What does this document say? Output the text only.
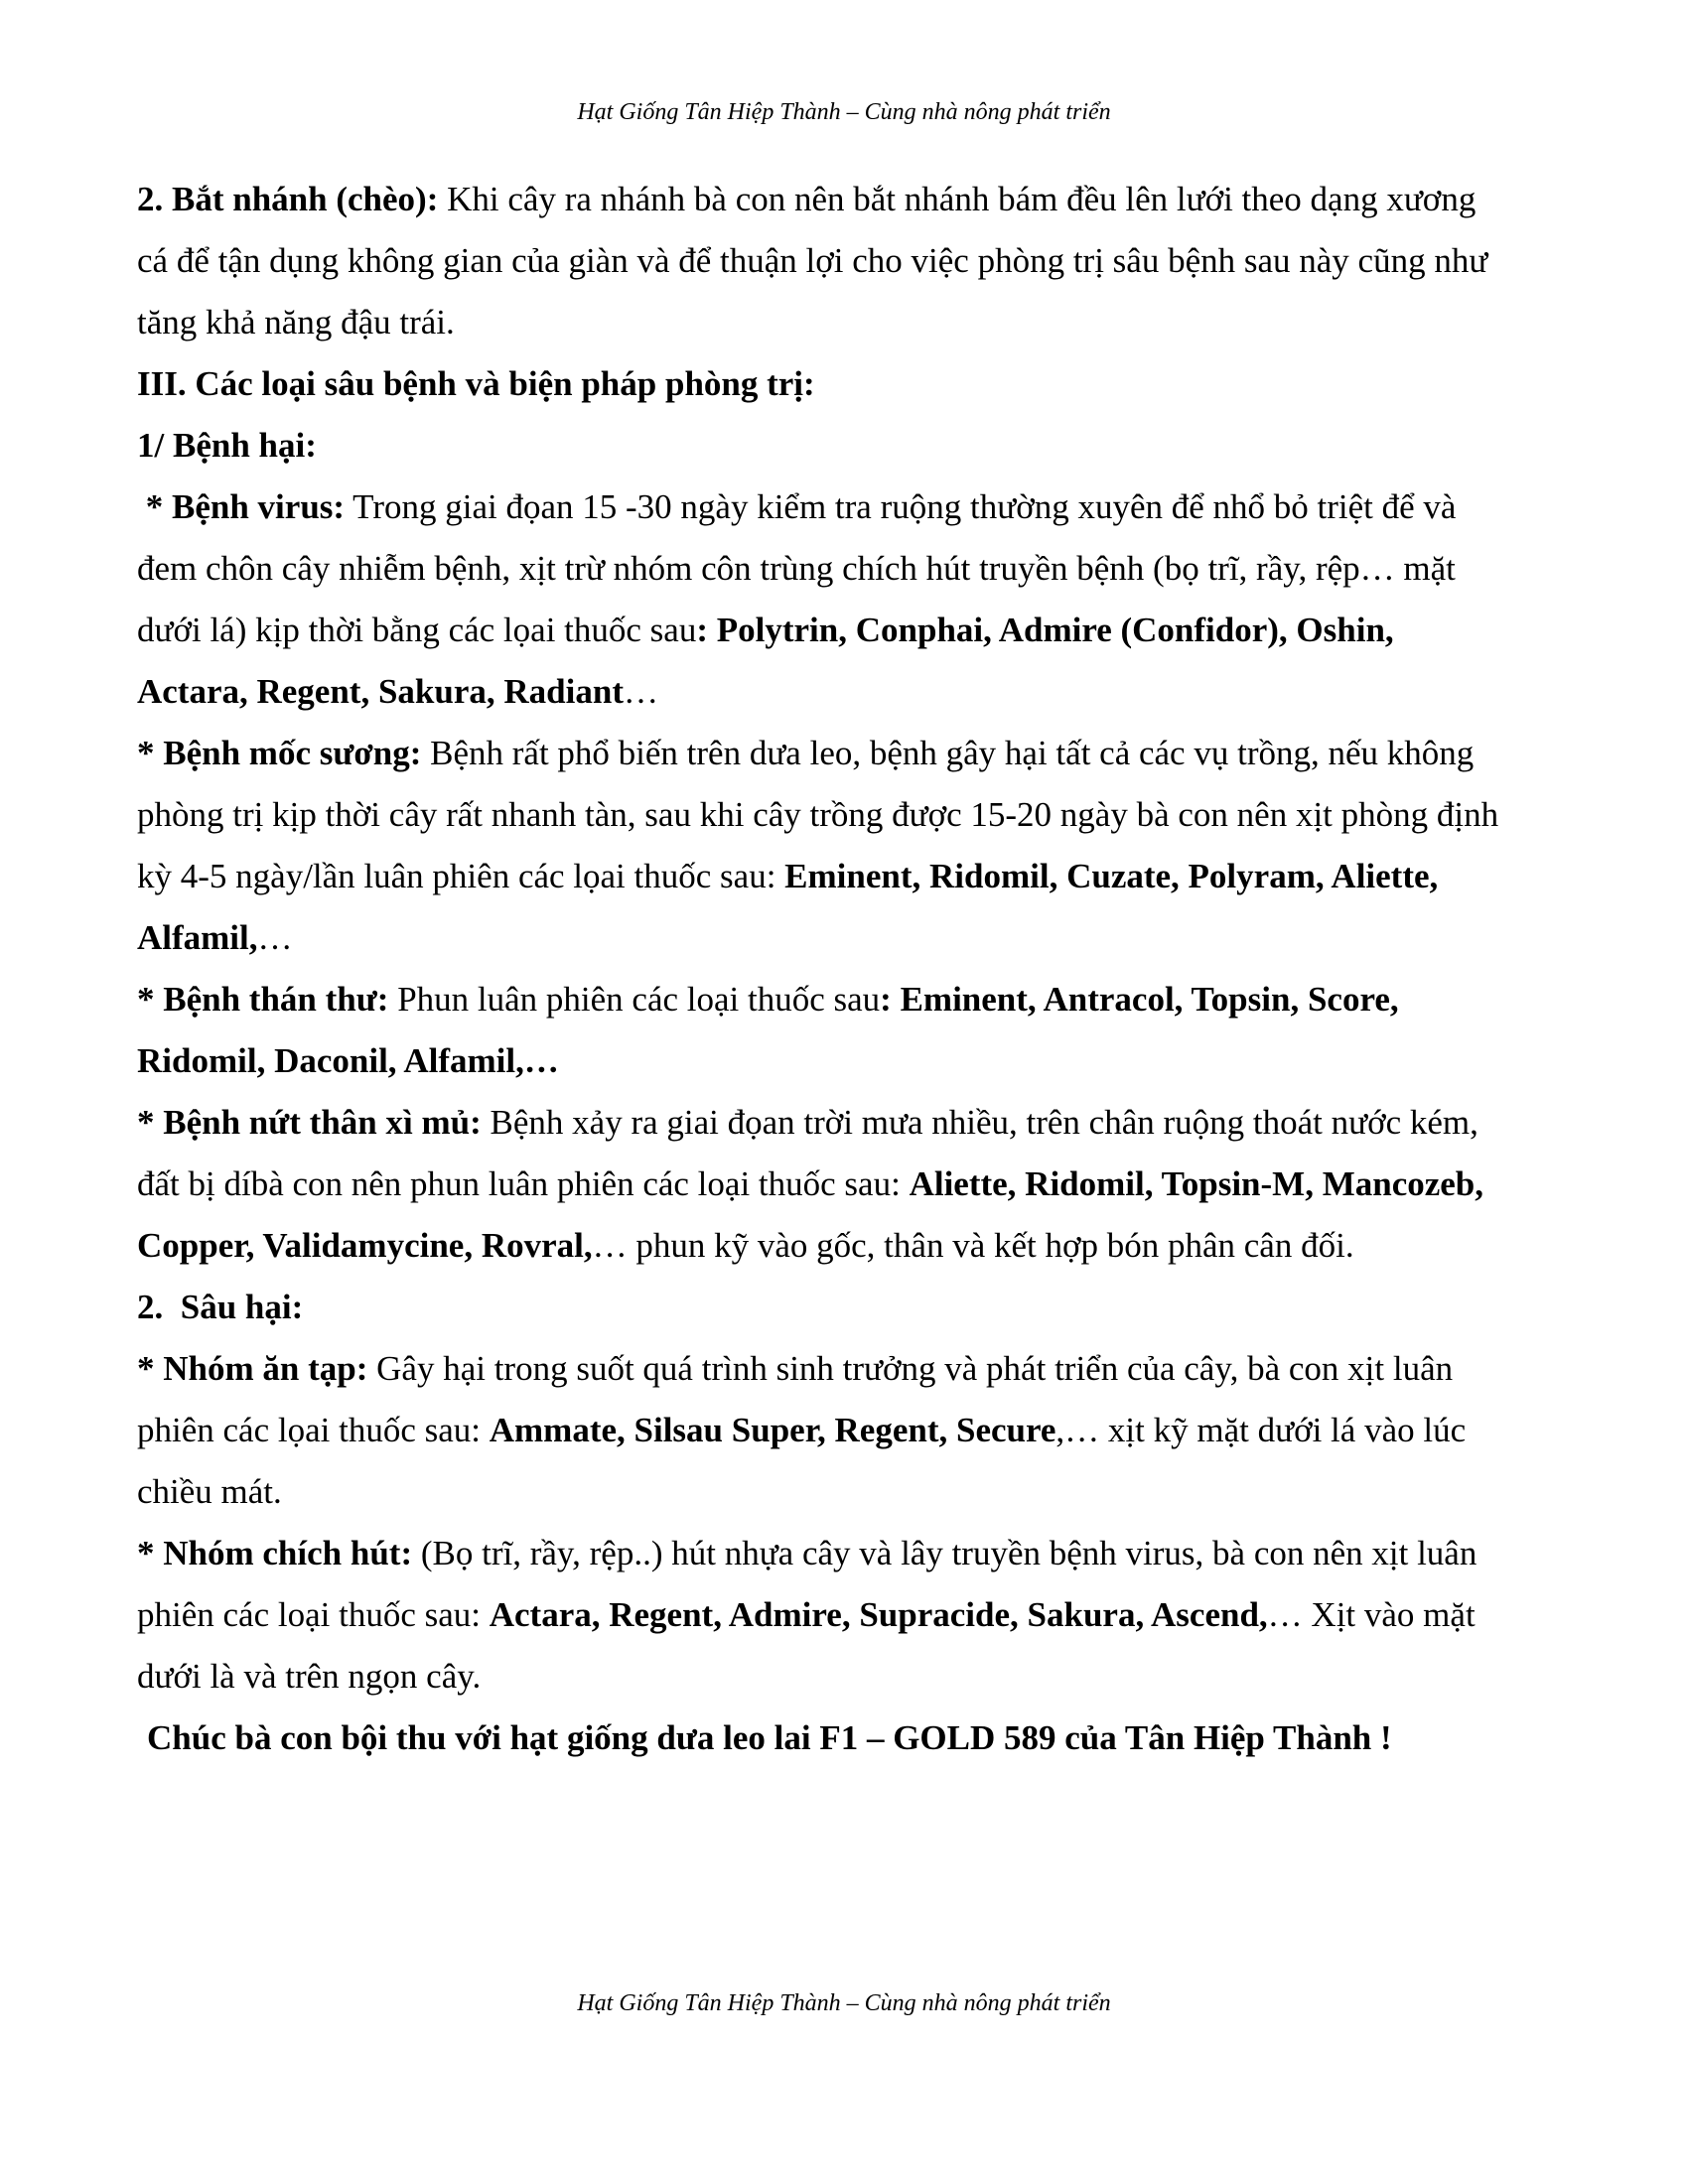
Hạt Giống Tân Hiệp Thành – Cùng nhà nông phát triển

2. Bắt nhánh (chèo): Khi cây ra nhánh bà con nên bắt nhánh bám đều lên lưới theo dạng xương cá để tận dụng không gian của giàn và để thuận lợi cho việc phòng trị sâu bệnh sau này cũng như tăng khả năng đậu trái.

III. Các loại sâu bệnh và biện pháp phòng trị:

1/ Bệnh hại:

* Bệnh virus: Trong giai đọan 15 -30 ngày kiểm tra ruộng thường xuyên để nhổ bỏ triệt để và đem chôn cây nhiễm bệnh, xịt trừ nhóm côn trùng chích hút truyền bệnh (bọ trĩ, rầy, rệp… mặt dưới lá) kịp thời bằng các lọai thuốc sau: Polytrin, Conphai, Admire (Confidor), Oshin, Actara, Regent, Sakura, Radiant…

* Bệnh mốc sương: Bệnh rất phổ biến trên dưa leo, bệnh gây hại tất cả các vụ trồng, nếu không phòng trị kịp thời cây rất nhanh tàn, sau khi cây trồng được 15-20 ngày bà con nên xịt phòng định kỳ 4-5 ngày/lần luân phiên các lọai thuốc sau: Eminent, Ridomil, Cuzate, Polyram, Aliette, Alfamil,…

* Bệnh thán thư: Phun luân phiên các loại thuốc sau: Eminent, Antracol, Topsin, Score, Ridomil, Daconil, Alfamil,…

* Bệnh nứt thân xì mủ: Bệnh xảy ra giai đọan trời mưa nhiều, trên chân ruộng thoát nước kém, đất bị díbà con nên phun luân phiên các loại thuốc sau: Aliette, Ridomil, Topsin-M, Mancozeb, Copper, Validamycine, Rovral,… phun kỹ vào gốc, thân và kết hợp bón phân cân đối.

2.  Sâu hại:

* Nhóm ăn tạp: Gây hại trong suốt quá trình sinh trưởng và phát triển của cây, bà con xịt luân phiên các lọai thuốc sau: Ammate, Silsau Super, Regent, Secure,… xịt kỹ mặt dưới lá vào lúc chiều mát.

* Nhóm chích hút: (Bọ trĩ, rầy, rệp..) hút nhựa cây và lây truyền bệnh virus, bà con nên xịt luân phiên các loại thuốc sau: Actara, Regent, Admire, Supracide, Sakura, Ascend,… Xịt vào mặt dưới là và trên ngọn cây.

Chúc bà con bội thu với hạt giống dưa leo lai F1 – GOLD 589 của Tân Hiệp Thành !

Hạt Giống Tân Hiệp Thành – Cùng nhà nông phát triển
